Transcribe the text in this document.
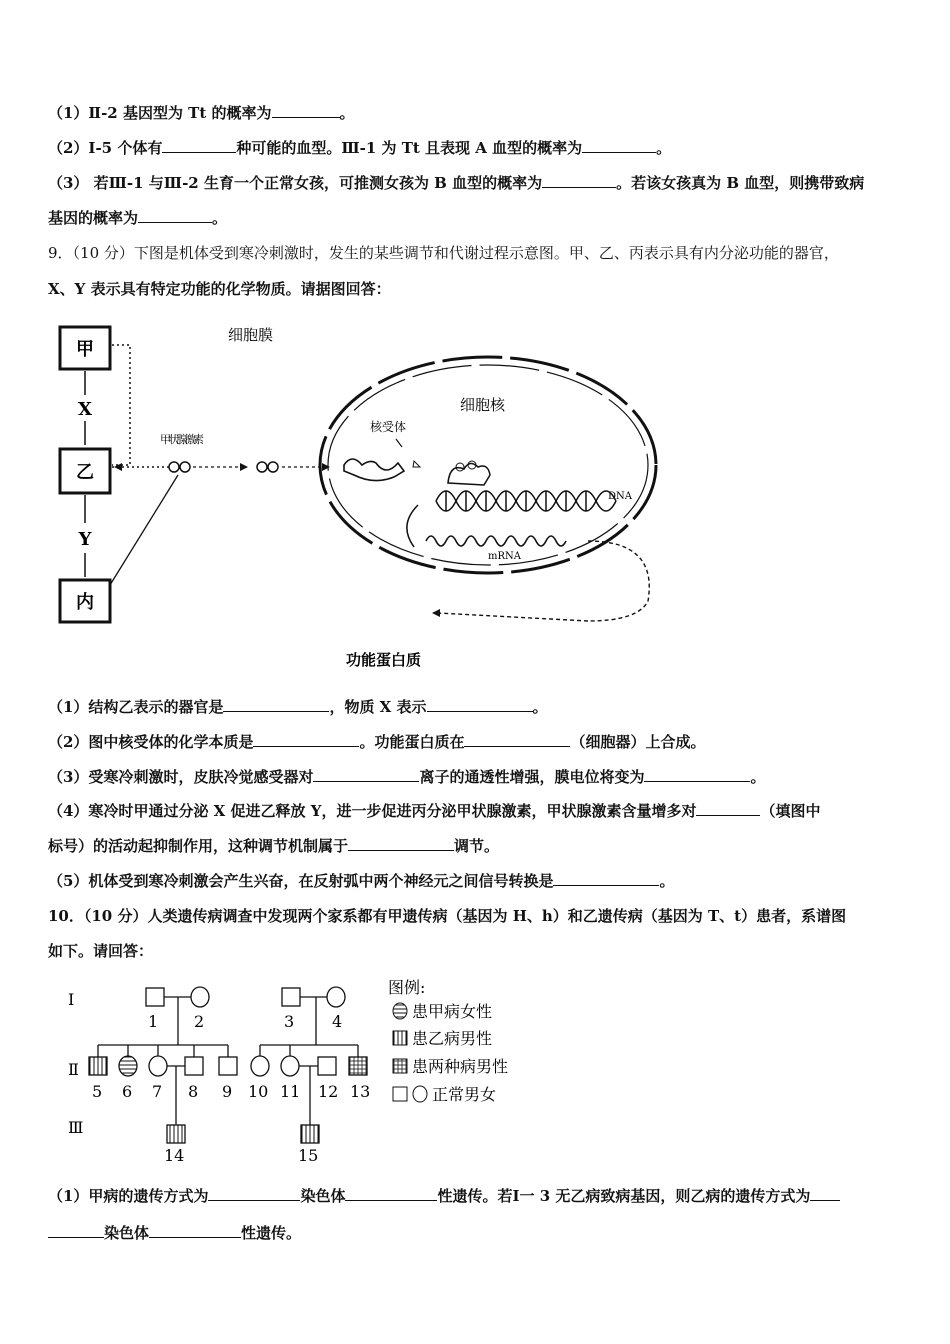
（1）Ⅱ-2 基因型为 Tt 的概率为	。
（2）Ⅰ-5 个体有	种可能的血型。Ⅲ-1 为 Tt 且表现 A 血型的概率为	。
（3） 若Ⅲ-1 与Ⅲ-2 生育一个正常女孩，可推测女孩为 B 血型的概率为	。若该女孩真为 B 血型，则携带致病
基因的概率为	。
9．（10 分）下图是机体受到寒冷刺激时，发生的某些调节和代谢过程示意图。甲、乙、丙表示具有内分泌功能的器官，
X、Y 表示具有特定功能的化学物质。请据图回答：
甲
X
乙
Y
内
甲状腺激素
细胞膜
细胞核
核受体
DNA
mRNA
功能蛋白质
（1）结构乙表示的器官是	，物质 X 表示	。
（2）图中核受体的化学本质是	。功能蛋白质在	（细胞器）上合成。
（3）受寒冷刺激时，皮肤冷觉感受器对	离子的通透性增强，膜电位将变为	。
（4）寒冷时甲通过分泌 X 促进乙释放 Y，进一步促进丙分泌甲状腺激素，甲状腺激素含量增多对	（填图中
标号）的活动起抑制作用，这种调节机制属于	调节。
（5）机体受到寒冷刺激会产生兴奋，在反射弧中两个神经元之间信号转换是	。
10．（10 分）人类遗传病调查中发现两个家系都有甲遗传病（基因为 H、h）和乙遗传病（基因为 T、t）患者，系谱图
如下。请回答：
Ⅰ
Ⅱ
Ⅲ
1 2	3 4
5 6 7 8 9 10 11 12 13
14	15
图例:
患甲病女性
患乙病男性
患两种病男性
正常男女
（1）甲病的遗传方式为	染色体	性遗传。若Ⅰ一 3 无乙病致病基因，则乙病的遗传方式为
染色体	性遗传。
